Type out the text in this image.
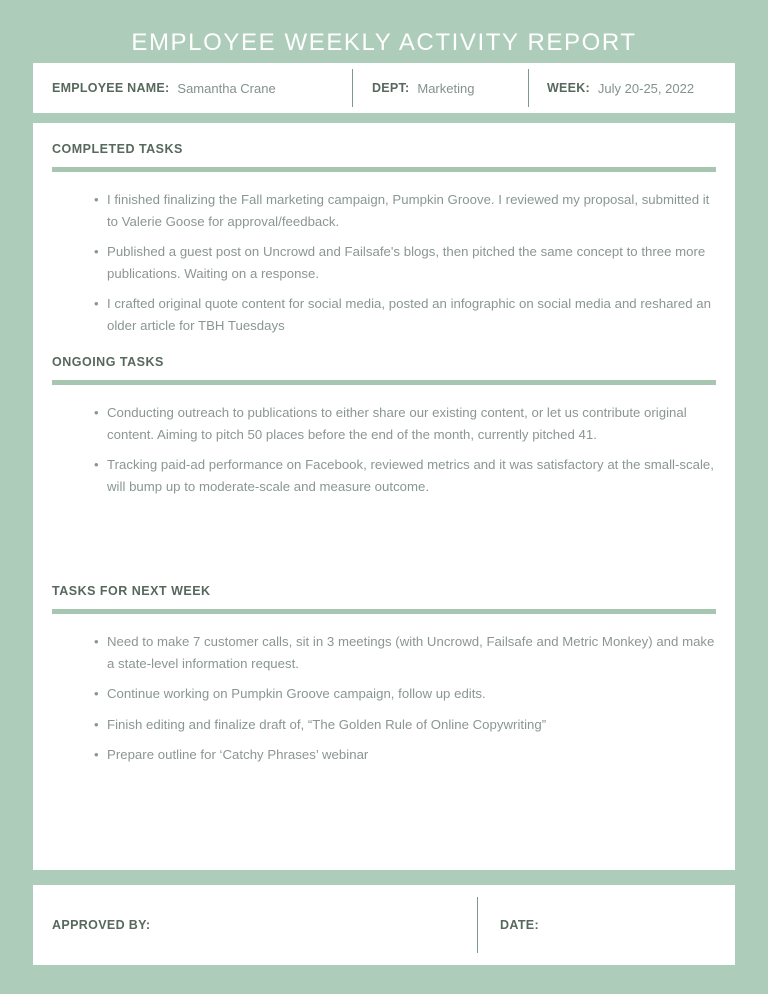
EMPLOYEE WEEKLY ACTIVITY REPORT
EMPLOYEE NAME: Samantha Crane	DEPT: Marketing	WEEK: July 20-25, 2022
COMPLETED TASKS
• I finished finalizing the Fall marketing campaign, Pumpkin Groove. I reviewed my proposal, submitted it to Valerie Goose for approval/feedback.
• Published a guest post on Uncrowd and Failsafe's blogs, then pitched the same concept to three more publications. Waiting on a response.
• I crafted original quote content for social media, posted an infographic on social media and reshared an older article for TBH Tuesdays
ONGOING TASKS
• Conducting outreach to publications to either share our existing content, or let us contribute original content. Aiming to pitch 50 places before the end of the month, currently pitched 41.
• Tracking paid-ad performance on Facebook, reviewed metrics and it was satisfactory at the small-scale, will bump up to moderate-scale and measure outcome.
TASKS FOR NEXT WEEK
• Need to make 7 customer calls, sit in 3 meetings (with Uncrowd, Failsafe and Metric Monkey) and make a state-level information request.
• Continue working on Pumpkin Groove campaign, follow up edits.
• Finish editing and finalize draft of, “The Golden Rule of Online Copywriting”
• Prepare outline for ‘Catchy Phrases’ webinar
APPROVED BY:	DATE:
